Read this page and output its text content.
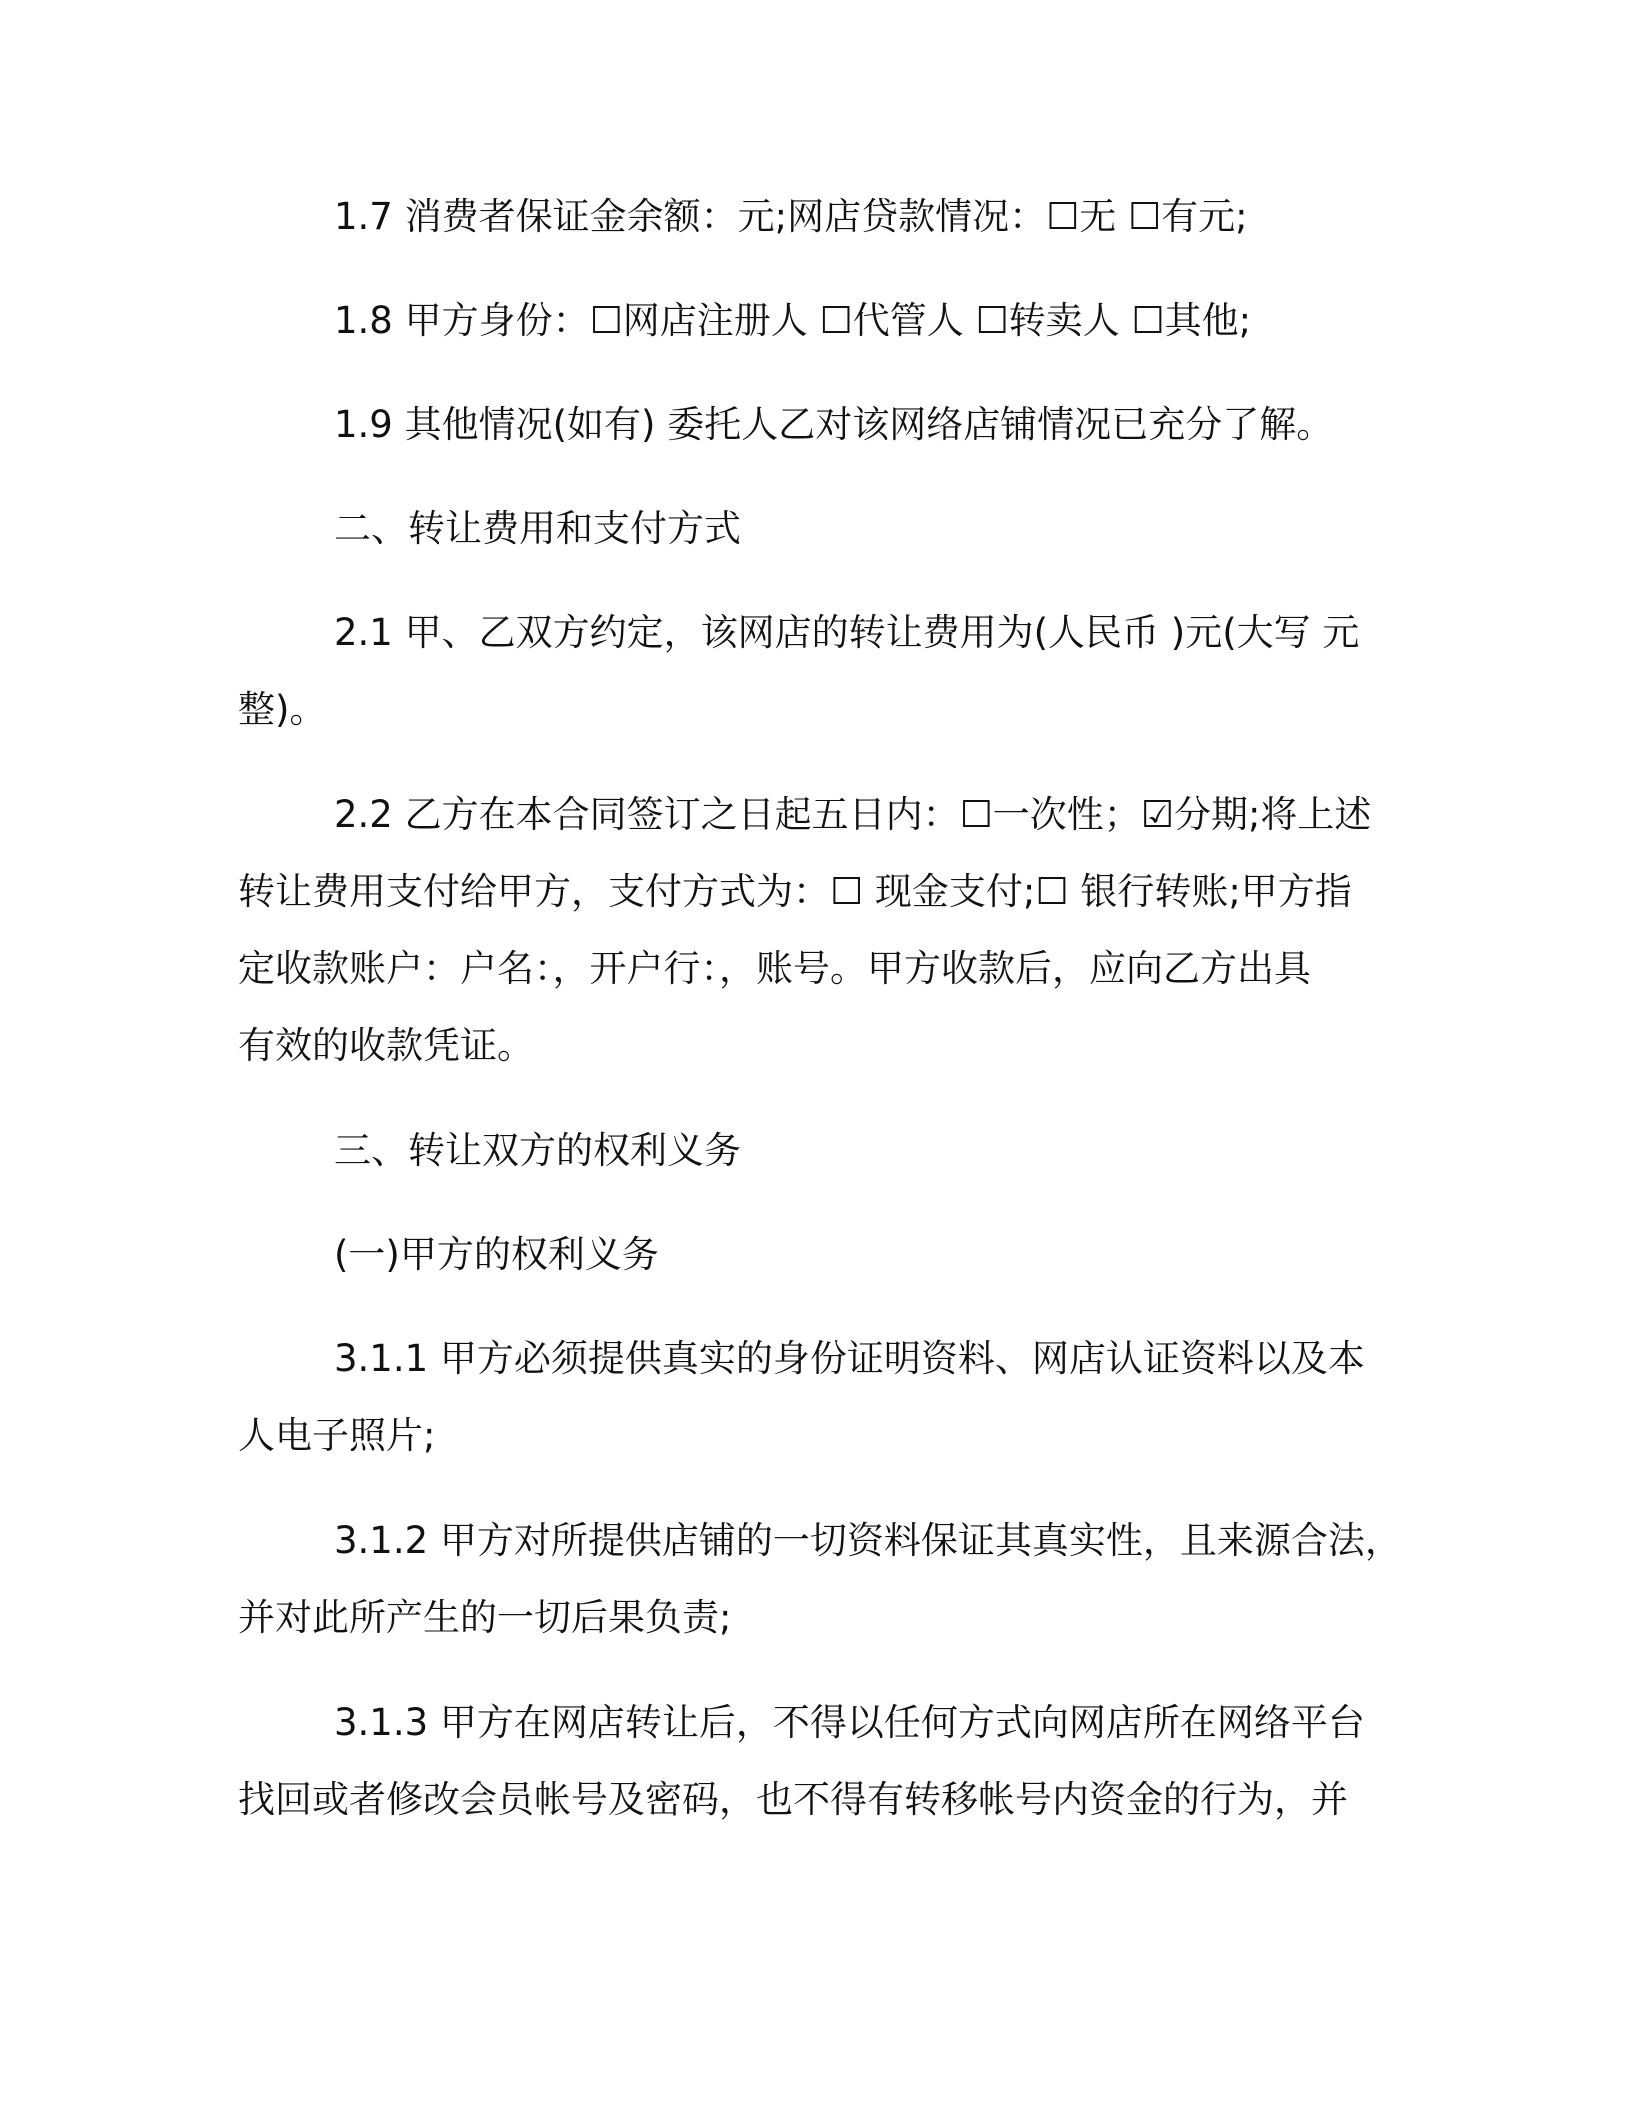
1.7 消费者保证金余额：元;网店贷款情况：☐无 ☐有元;

1.8 甲方身份：☐网店注册人 ☐代管人 ☐转卖人 ☐其他;

1.9 其他情况(如有) 委托人乙对该网络店铺情况已充分了解。

二、转让费用和支付方式

2.1 甲、乙双方约定，该网店的转让费用为(人民币 )元(大写 元
整)。

2.2 乙方在本合同签订之日起五日内：☐一次性；☑分期;将上述
转让费用支付给甲方，支付方式为：☐ 现金支付;☐ 银行转账;甲方指
定收款账户：户名：，开户行：，账号。甲方收款后，应向乙方出具
有效的收款凭证。

三、转让双方的权利义务

(一)甲方的权利义务

3.1.1 甲方必须提供真实的身份证明资料、网店认证资料以及本
人电子照片;

3.1.2 甲方对所提供店铺的一切资料保证其真实性，且来源合法，
并对此所产生的一切后果负责;

3.1.3 甲方在网店转让后，不得以任何方式向网店所在网络平台
找回或者修改会员帐号及密码，也不得有转移帐号内资金的行为，并
